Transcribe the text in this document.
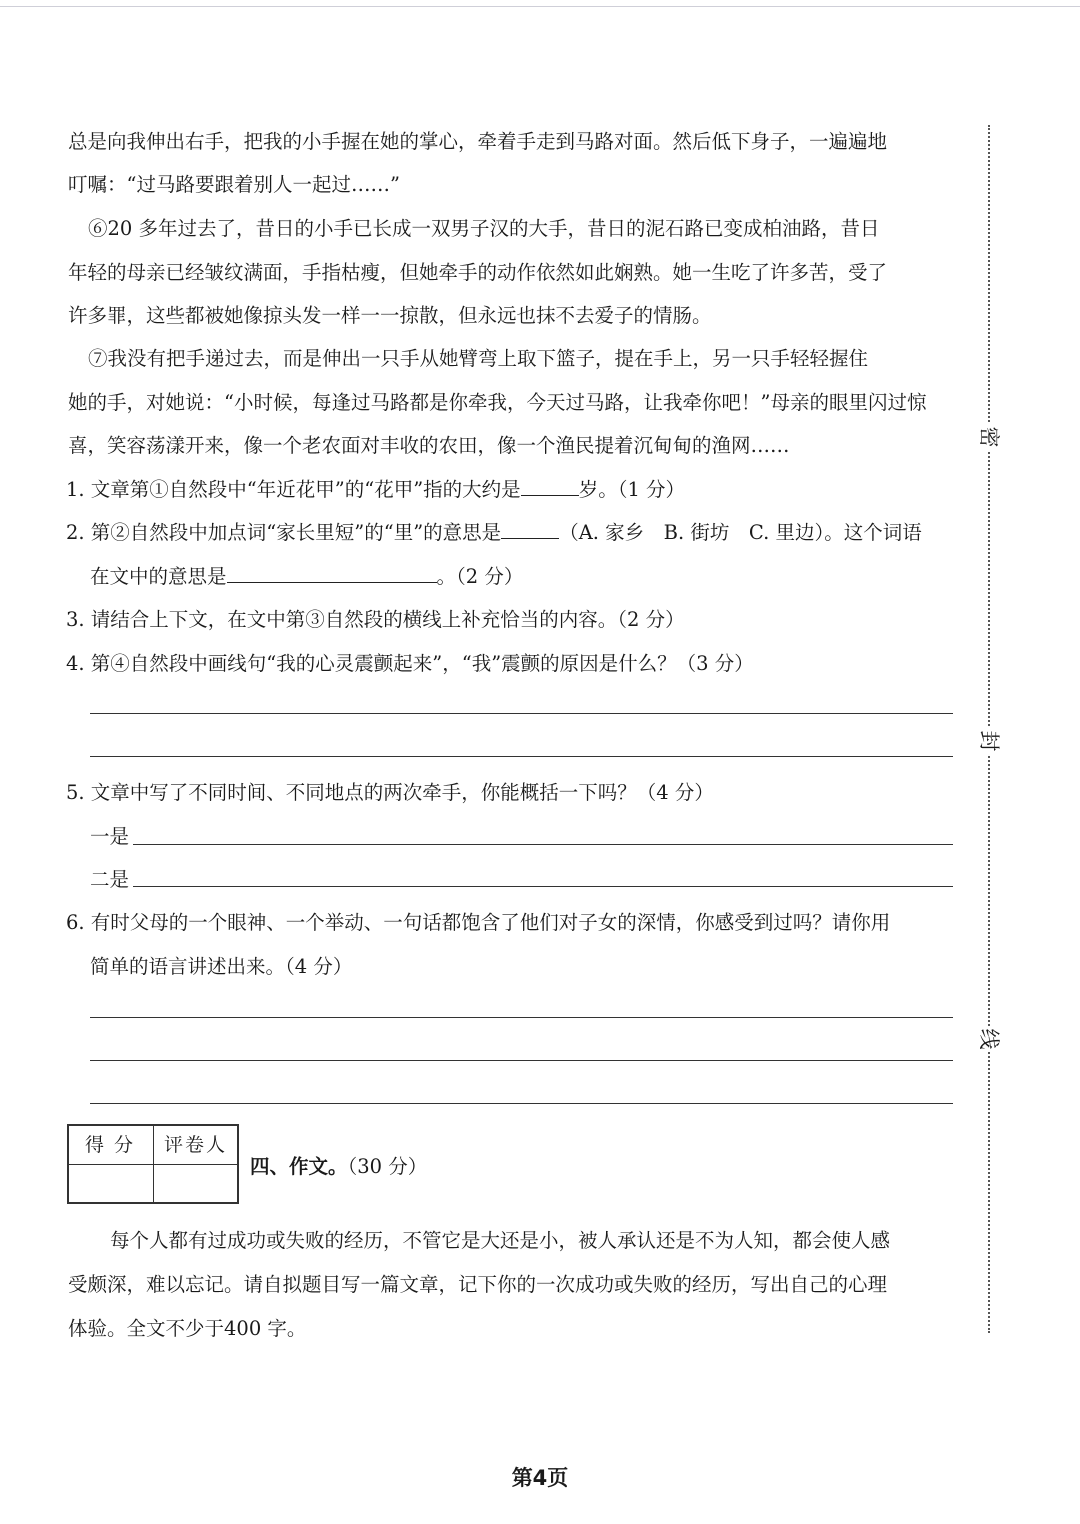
密
封
线
总是向我伸出右手，把我的小手握在她的掌心，牵着手走到马路对面。然后低下身子，一遍遍地
叮嘱：“过马路要跟着别人一起过……”
⑥20 多年过去了，昔日的小手已长成一双男子汉的大手，昔日的泥石路已变成柏油路，昔日
年轻的母亲已经皱纹满面，手指枯瘦，但她牵手的动作依然如此娴熟。她一生吃了许多苦，受了
许多罪，这些都被她像掠头发一样一一掠散，但永远也抹不去爱子的情肠。
⑦我没有把手递过去，而是伸出一只手从她臂弯上取下篮子，提在手上，另一只手轻轻握住
她的手，对她说：“小时候，每逢过马路都是你牵我，今天过马路，让我牵你吧！”母亲的眼里闪过惊
喜，笑容荡漾开来，像一个老农面对丰收的农田，像一个渔民提着沉甸甸的渔网……
1. 文章第①自然段中“年近花甲”的“花甲”指的大约是	岁。（1 分）
2. 第②自然段中加点词“家长里短”的“里”的意思是	（A. 家乡　B. 街坊　C. 里边）。这个词语
在文中的意思是	。（2 分）
3. 请结合上下文，在文中第③自然段的横线上补充恰当的内容。（2 分）
4. 第④自然段中画线句“我的心灵震颤起来”，“我”震颤的原因是什么？（3 分）
5. 文章中写了不同时间、不同地点的两次牵手，你能概括一下吗？（4 分）
一是
二是
6. 有时父母的一个眼神、一个举动、一句话都饱含了他们对子女的深情，你感受到过吗？请你用
简单的语言讲述出来。（4 分）
得 分 评卷人
四、作文。（30 分）
每个人都有过成功或失败的经历，不管它是大还是小，被人承认还是不为人知，都会使人感
受颇深，难以忘记。请自拟题目写一篇文章，记下你的一次成功或失败的经历，写出自己的心理
体验。全文不少于400 字。
第4页
